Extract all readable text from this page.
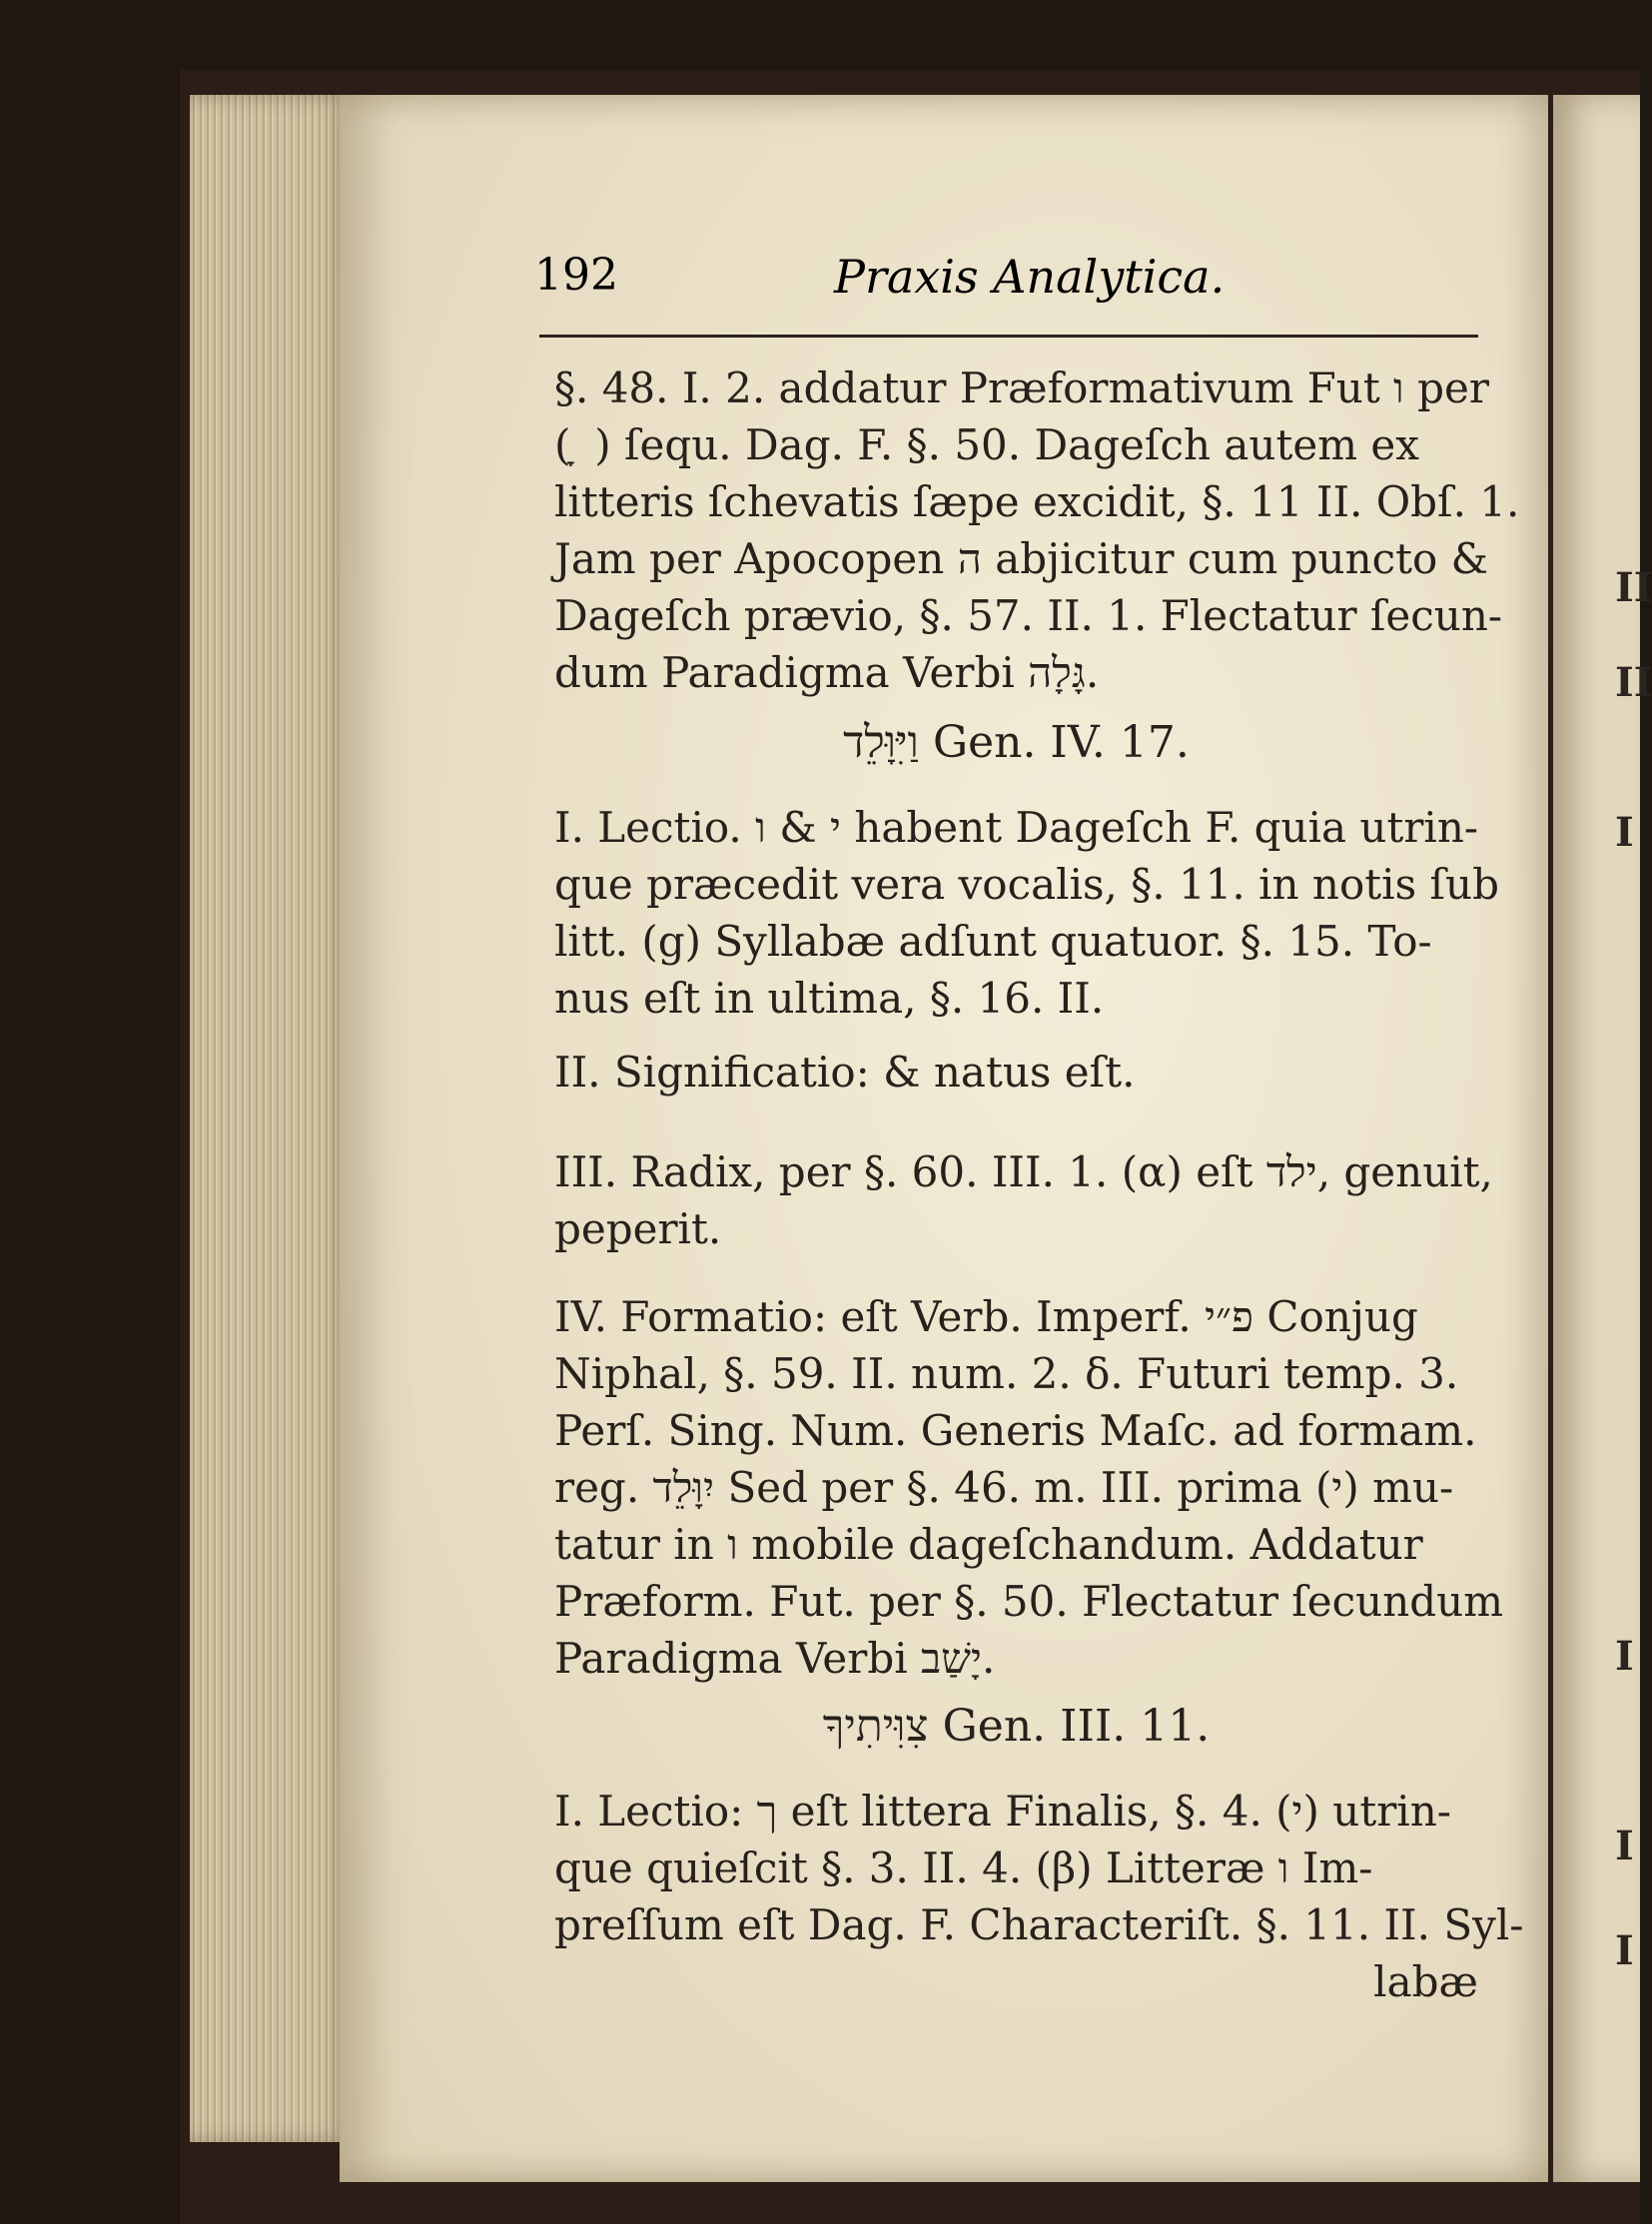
II
II
I
I
I
I
192	Praxis Analytica.
§. 48. I. 2. addatur Præformativum Fut ו per
( ָ ) ſequ. Dag. F. §. 50. Dageſch autem ex
litteris ſchevatis ſæpe excidit, §. 11 II. Obſ. 1.
Jam per Apocopen ה abjicitur cum puncto &
Dageſch prævio, §. 57. II. 1. Flectatur ſecun-
dum Paradigma Verbi גָּלָה.
וַיִּוָּלֵד Gen. IV. 17.
I. Lectio. י & ו habent Dageſch F. quia utrin-
que præcedit vera vocalis, §. 11. in notis ſub
litt. (g) Syllabæ adſunt quatuor. §. 15. To-
nus eſt in ultima, §. 16. II.
II. Significatio: & natus eſt.
III. Radix, per §. 60. III. 1. (α) eſt ילד, genuit,
peperit.
IV. Formatio: eſt Verb. Imperf. פ״י Conjug
Niphal, §. 59. II. num. 2. δ. Futuri temp. 3.
Perſ. Sing. Num. Generis Maſc. ad formam.
reg. יִוָּלֵד Sed per §. 46. m. III. prima (י) mu-
tatur in ו mobile dageſchandum. Addatur
Præform. Fut. per §. 50. Flectatur ſecundum
Paradigma Verbi יָשַׁב.
צִוִּיתִיךָ Gen. III. 11.
I. Lectio: ך eſt littera Finalis, §. 4. (י) utrin-
que quieſcit §. 3. II. 4. (β) Litteræ ו Im-
preſſum eſt Dag. F. Characteriſt. §. 11. II. Syl-
labæ
